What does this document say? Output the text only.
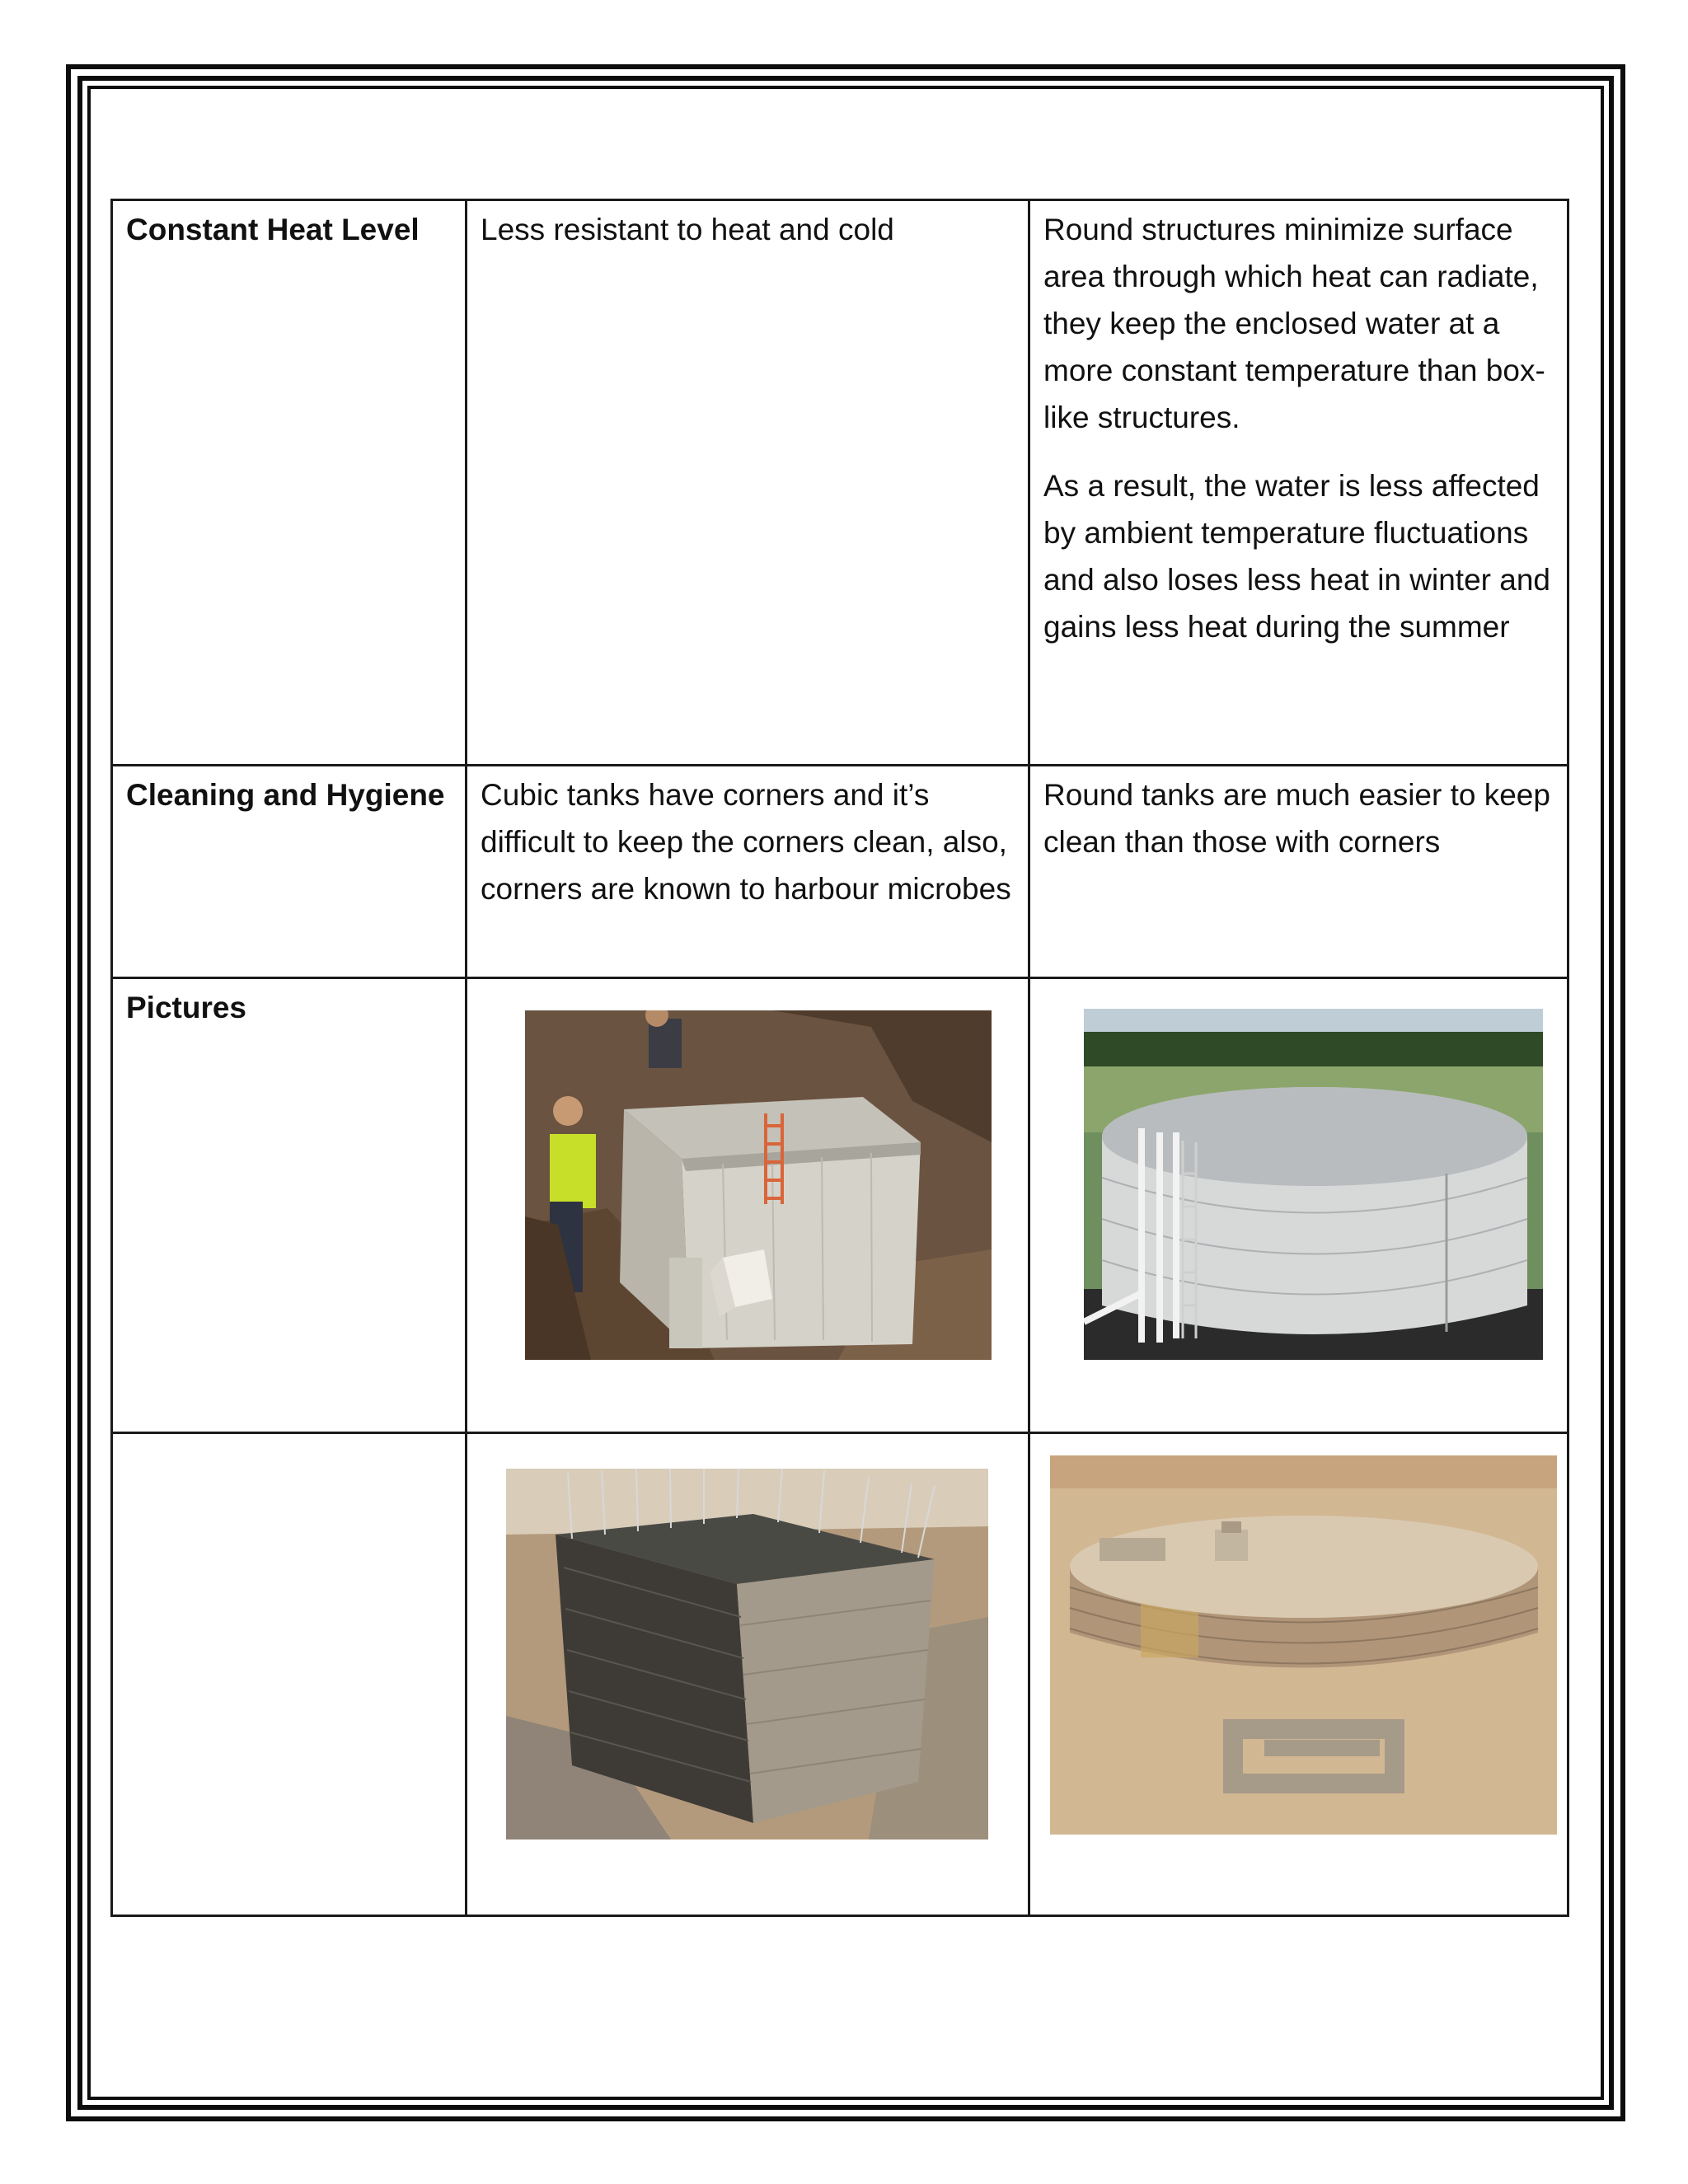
Constant Heat Level	Less resistant to heat and cold	Round structures minimize surface area through which heat can radiate, they keep the enclosed water at a more constant temperature than box-like structures.

As a result, the water is less affected by ambient temperature fluctuations and also loses less heat in winter and gains less heat during the summer

Cleaning and Hygiene	Cubic tanks have corners and it’s difficult to keep the corners clean, also, corners are known to harbour microbes	Round tanks are much easier to keep clean than those with corners

Pictures
